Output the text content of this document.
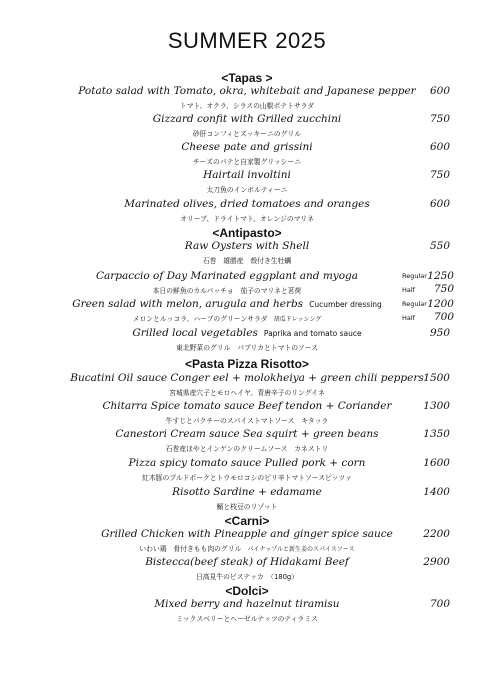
SUMMER 2025
<Tapas >
Potato salad with Tomato, okra, whitebait and Japanese pepper
トマト、オクラ、シラスの山椒ポテトサラダ
600
Gizzard confit with Grilled zucchini
砂肝コンフィとズッキーニのグリル
750
Cheese pate and grissini
チーズのパテと自家製グリッシーニ
600
Hairtail involtini
太刀魚のインボルティーニ
750
Marinated olives, dried tomatoes and oranges
オリーブ、ドライトマト、オレンジのマリネ
600
<Antipasto>
Raw Oysters with Shell
石巻　雄勝産　殻付き生牡蠣
550
Carpaccio of Day Marinated eggplant and myoga
本日の鮮魚のカルパッチョ　茄子のマリネと茗荷
Regular 1250
Half	750
Green salad with melon, arugula and herbs Cucumber dressing
メロンとルッコラ、ハーブのグリーンサラダ 胡瓜ドレッシング
Regular 1200
Half	700
Grilled local vegetables Paprika and tomato sauce
東北野菜のグリル　パプリカとトマトのソース
950
<Pasta Pizza Risotto>
Bucatini Oil sauce Conger eel + molokheiya + green chili peppers
宮城県産穴子とモロヘイヤ、青唐辛子のリングイネ
1500
Chitarra Spice tomato sauce Beef tendon + Coriander
牛すじとパクチーのスパイストマトソース　キタッラ
1300
Canestori Cream sauce Sea squirt + green beans
石巻産ほやとインゲンのクリームソース　カネストリ
1350
Pizza spicy tomato sauce Pulled pork + corn
紅木豚のプルドポークとトウモロコシのピリ辛トマトソースピッツァ
1600
Risotto Sardine + edamame
鰯と枝豆のリゾット
1400
<Carni>
Grilled Chicken with Pineapple and ginger spice sauce
いわい鶏　骨付きもも肉のグリル パイナップルと新生姜のスパイスソース
2200
Bistecca(beef steak) of Hidakami Beef
日高見牛のビステッカ　（180g）
2900
<Dolci>
Mixed berry and hazelnut tiramisu
ミックスベリーとヘーゼルナッツのティラミス
700
